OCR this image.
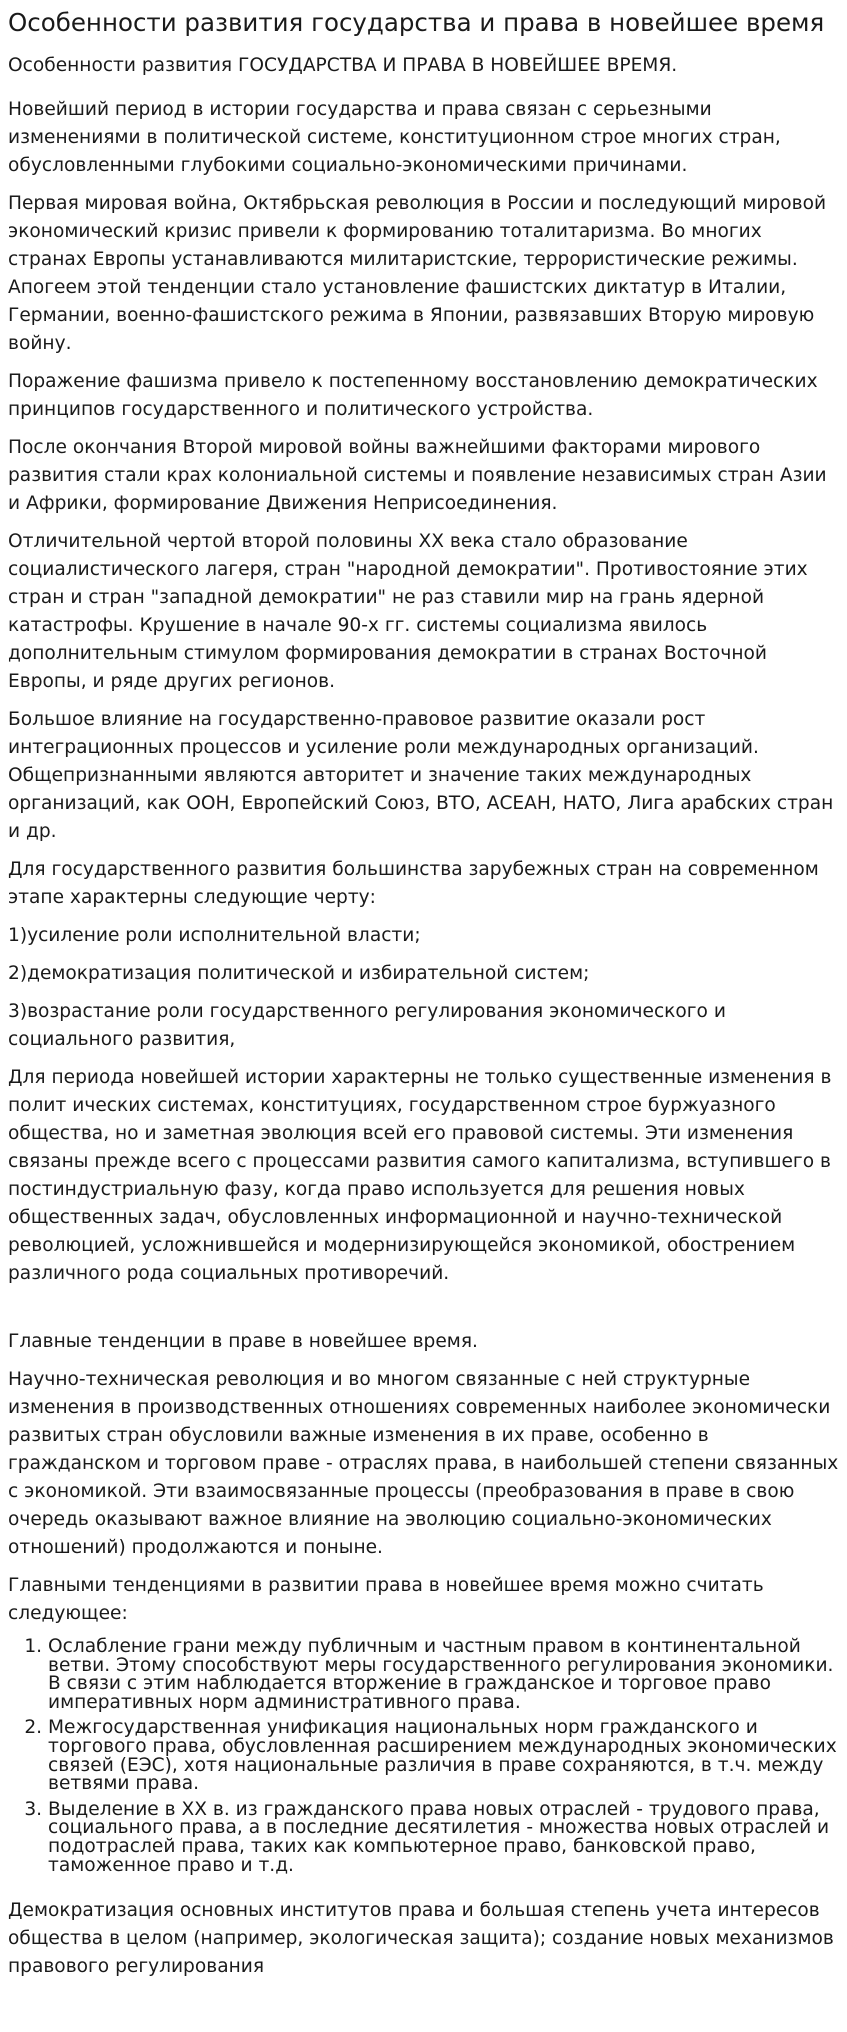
Особенности развития государства и права в новейшее время

Особенности развития ГОСУДАРСТВА И ПРАВА В НОВЕЙШЕЕ ВРЕМЯ.

Новейший период в истории государства и права связан с серьезными изменениями в политической системе, конституционном строе многих стран, обусловленными глубокими социально-экономическими причинами.

Первая мировая война, Октябрьская революция в России и последующий мировой экономический кризис привели к формированию тоталитаризма. Во многих странах Европы устанавливаются милитаристские, террористические режимы. Апогеем этой тенденции стало установление фашистских диктатур в Италии, Германии, военно-фашистского режима в Японии, развязавших Вторую мировую войну.

Поражение фашизма привело к постепенному восстановлению демократических принципов государственного и политического устройства.

После окончания Второй мировой войны важнейшими факторами мирового развития стали крах колониальной системы и появление независимых стран Азии и Африки, формирование Движения Неприсоединения.

Отличительной чертой второй половины XX века стало образование социалистического лагеря, стран "народной демократии". Противостояние этих стран и стран "западной демократии" не раз ставили мир на грань ядерной катастрофы. Крушение в начале 90-х гг. системы социализма явилось дополнительным стимулом формирования демократии в странах Восточной Европы, и ряде других регионов.

Большое влияние на государственно-правовое развитие оказали рост интеграционных процессов и усиление роли международных организаций. Общепризнанными являются авторитет и значение таких международных организаций, как ООН, Европейский Союз, ВТО, АСЕАН, НАТО, Лига арабских стран и др.

Для государственного развития большинства зарубежных стран на современном этапе характерны следующие черту:

1)усиление роли исполнительной власти;

2)демократизация политической и избирательной систем;

3)возрастание роли государственного регулирования экономического и социального развития,

Для периода новейшей истории характерны не только существенные изменения в полит ических системах, конституциях, государственном строе буржуазного общества, но и заметная эволюция всей его правовой системы. Эти изменения связаны прежде всего с процессами развития самого капитализма, вступившего в постиндустриальную фазу, когда право используется для решения новых общественных задач, обусловленных информационной и научно-технической революцией, усложнившейся и модернизирующейся экономикой, обострением различного рода социальных противоречий.

Главные тенденции в праве в новейшее время.

Научно-техническая революция и во многом связанные с ней структурные изменения в производственных отношениях современных наиболее экономически развитых стран обусловили важные изменения в их праве, особенно в гражданском и торговом праве - отраслях права, в наибольшей степени связанных с экономикой. Эти взаимосвязанные процессы (преобразования в праве в свою очередь оказывают важное влияние на эволюцию социально-экономических отношений) продолжаются и поныне.

Главными тенденциями в развитии права в новейшее время можно считать следующее:

1. Ослабление грани между публичным и частным правом в континентальной ветви. Этому способствуют меры государственного регулирования экономики. В связи с этим наблюдается вторжение в гражданское и торговое право императивных норм административного права.
2. Межгосударственная унификация национальных норм гражданского и торгового права, обусловленная расширением международных экономических связей (ЕЭС), хотя национальные различия в праве сохраняются, в т.ч. между ветвями права.
3. Выделение в XX в. из гражданского права новых отраслей - трудового права, социального права, а в последние десятилетия - множества новых отраслей и подотраслей права, таких как компьютерное право, банковской право, таможенное право и т.д.

Демократизация основных институтов права и большая степень учета интересов общества в целом (например, экологическая защита); создание новых механизмов правового регулирования
